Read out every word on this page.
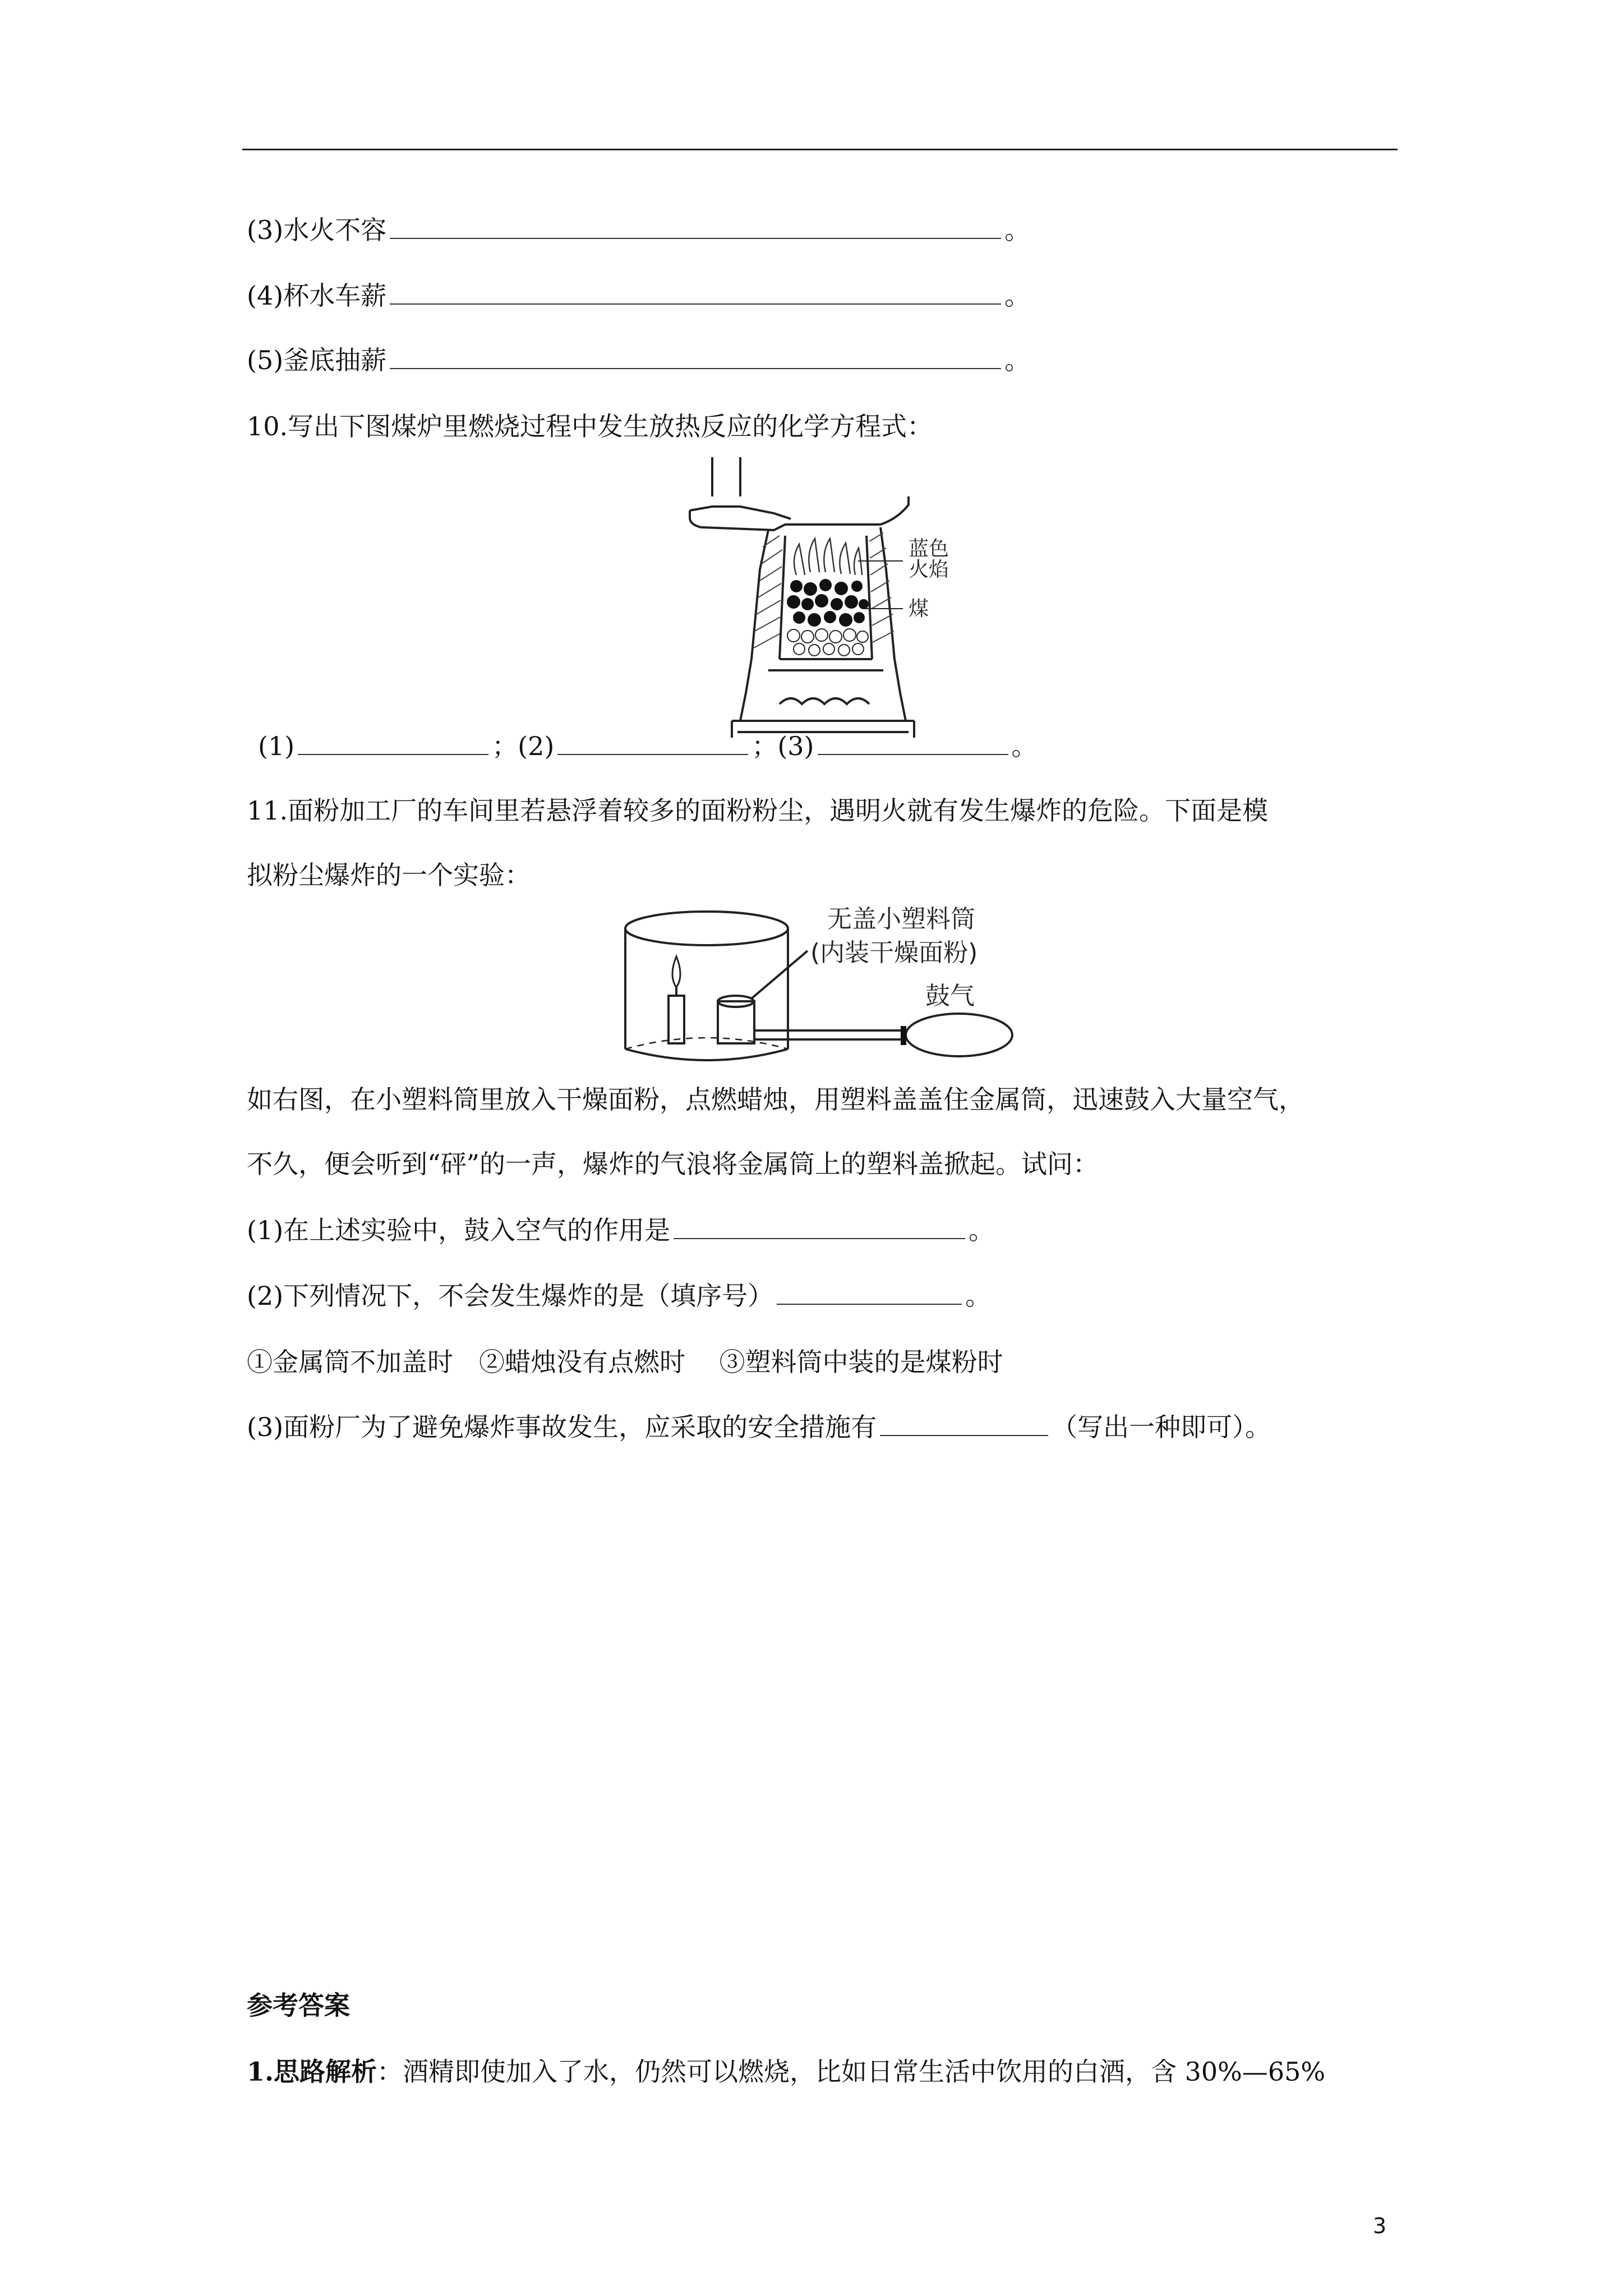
(3)水火不容	。
(4)杯水车薪	。
(5)釜底抽薪	。
10.写出下图煤炉里燃烧过程中发生放热反应的化学方程式：
蓝色
火焰
煤
(1)	；(2)	；(3)	。
11.面粉加工厂的车间里若悬浮着较多的面粉粉尘，遇明火就有发生爆炸的危险。下面是模
拟粉尘爆炸的一个实验：
无盖小塑料筒
(内装干燥面粉)
鼓气
如右图，在小塑料筒里放入干燥面粉，点燃蜡烛，用塑料盖盖住金属筒，迅速鼓入大量空气，
不久，便会听到“砰”的一声，爆炸的气浪将金属筒上的塑料盖掀起。试问：
(1)在上述实验中，鼓入空气的作用是	。
(2)下列情况下，不会发生爆炸的是（填序号）	。
①金属筒不加盖时　②蜡烛没有点燃时　 ③塑料筒中装的是煤粉时
(3)面粉厂为了避免爆炸事故发生，应采取的安全措施有	（写出一种即可）。
参考答案
1.思路解析：酒精即使加入了水，仍然可以燃烧，比如日常生活中饮用的白酒，含 30%—65%
3
